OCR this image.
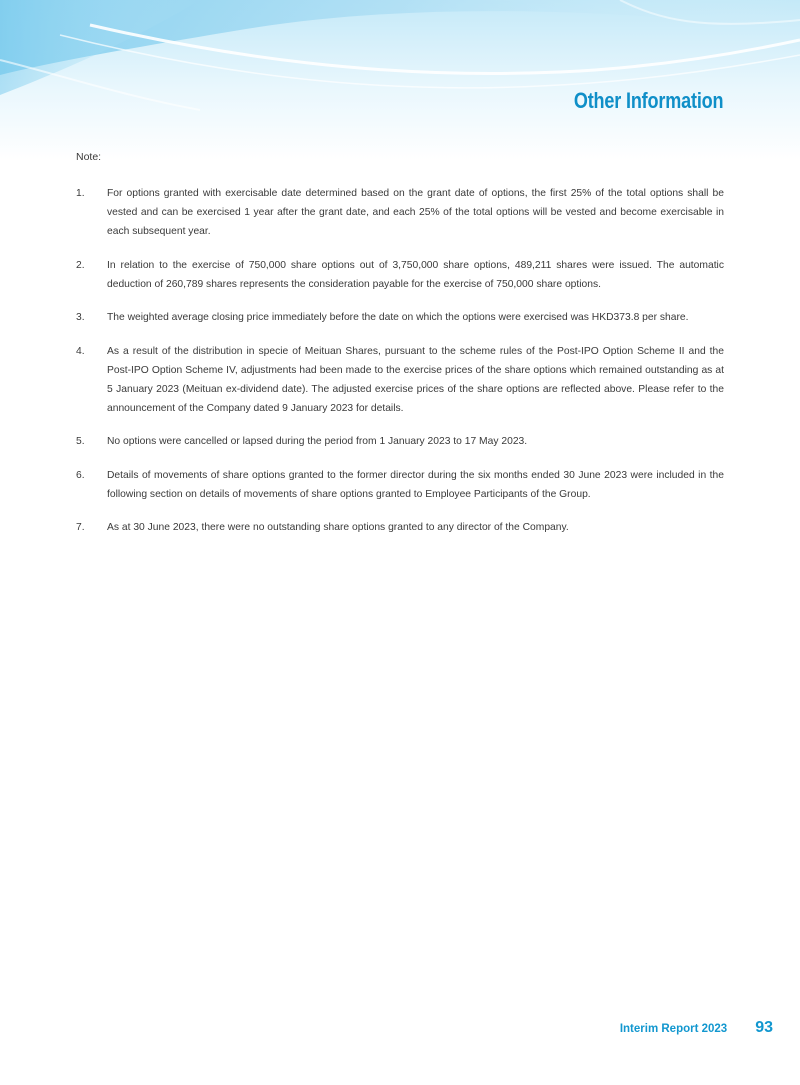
Other Information
Note:
1. For options granted with exercisable date determined based on the grant date of options, the first 25% of the total options shall be vested and can be exercised 1 year after the grant date, and each 25% of the total options will be vested and become exercisable in each subsequent year.
2. In relation to the exercise of 750,000 share options out of 3,750,000 share options, 489,211 shares were issued. The automatic deduction of 260,789 shares represents the consideration payable for the exercise of 750,000 share options.
3. The weighted average closing price immediately before the date on which the options were exercised was HKD373.8 per share.
4. As a result of the distribution in specie of Meituan Shares, pursuant to the scheme rules of the Post-IPO Option Scheme II and the Post-IPO Option Scheme IV, adjustments had been made to the exercise prices of the share options which remained outstanding as at 5 January 2023 (Meituan ex-dividend date). The adjusted exercise prices of the share options are reflected above. Please refer to the announcement of the Company dated 9 January 2023 for details.
5. No options were cancelled or lapsed during the period from 1 January 2023 to 17 May 2023.
6. Details of movements of share options granted to the former director during the six months ended 30 June 2023 were included in the following section on details of movements of share options granted to Employee Participants of the Group.
7. As at 30 June 2023, there were no outstanding share options granted to any director of the Company.
Interim Report 2023 93
